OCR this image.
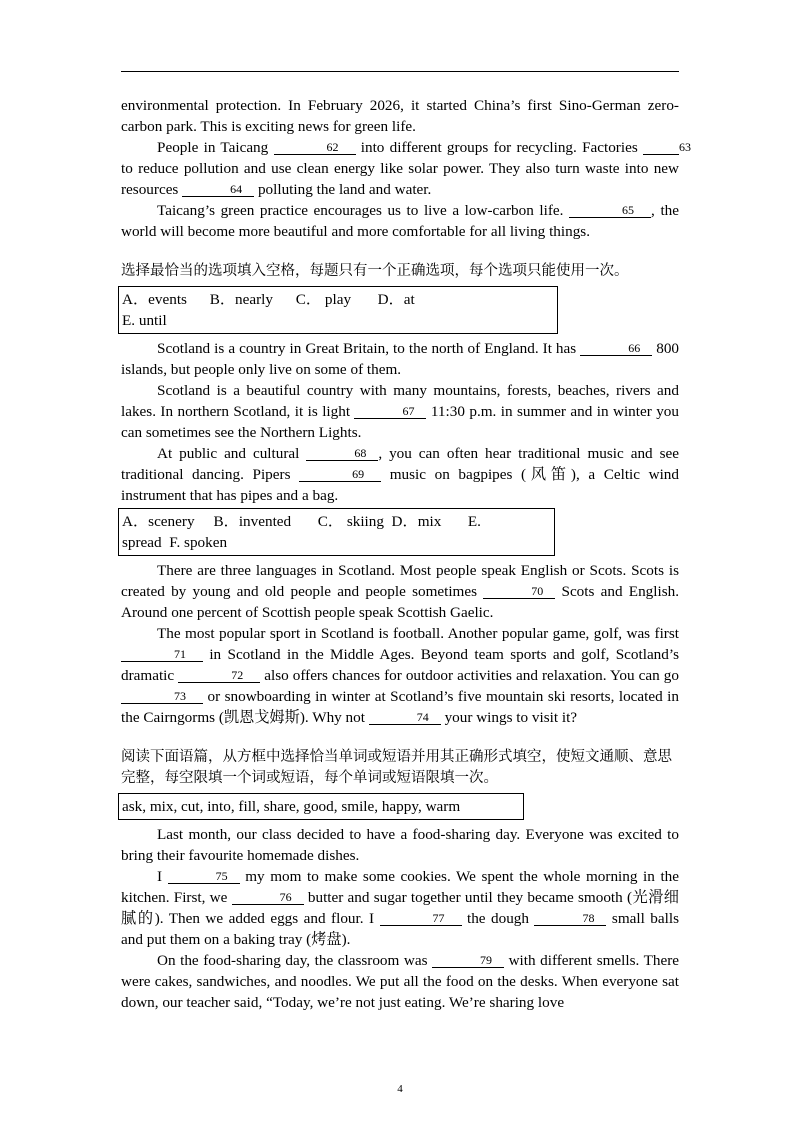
environmental protection. In February 2026, it started China’s first Sino-German zero-carbon park. This is exciting news for green life.

People in Taicang	62 into different groups for recycling. Factories	63 to reduce pollution and use clean energy like solar power. They also turn waste into new resources	64 polluting the land and water.

Taicang’s green practice encourages us to live a low-carbon life.	65 , the world will become more beautiful and more comfortable for all living things.

选择最恰当的选项填入空格，每题只有一个正确选项，每个选项只能使用一次。
A．events      B．nearly      C． play       D．at
E. until

Scotland is a country in Great Britain, to the north of England. It has	66 800 islands, but people only live on some of them.

Scotland is a beautiful country with many mountains, forests, beaches, rivers and lakes. In northern Scotland, it is light	67 11:30 p.m. in summer and in winter you can sometimes see the Northern Lights.

At public and cultural	68 , you can often hear traditional music and see traditional dancing. Pipers	69 music on bagpipes (风笛), a Celtic wind instrument that has pipes and a bag.

A．scenery     B．invented       C． skiing  D．mix       E.
spread  F. spoken

There are three languages in Scotland. Most people speak English or Scots. Scots is created by young and old people and people sometimes	70 Scots and English. Around one percent of Scottish people speak Scottish Gaelic.

The most popular sport in Scotland is football. Another popular game, golf, was first 71 in Scotland in the Middle Ages. Beyond team sports and golf, Scotland’s dramatic	72 also offers chances for outdoor activities and relaxation. You can go 73 or snowboarding in winter at Scotland’s five mountain ski resorts, located in the Cairngorms (凯恩戈姆斯). Why not	74 your wings to visit it?

阅读下面语篇，从方框中选择恰当单词或短语并用其正确形式填空，使短文通顺、意思完整，每空限填一个词或短语，每个单词或短语限填一次。
ask, mix, cut, into, fill, share, good, smile, happy, warm

Last month, our class decided to have a food-sharing day. Everyone was excited to bring their favourite homemade dishes.

I	75 my mom to make some cookies. We spent the whole morning in the kitchen. First, we	76 butter and sugar together until they became smooth (光滑细腻的). Then we added eggs and flour. I	77 the dough	78 small balls and put them on a baking tray (烤盘).

On the food-sharing day, the classroom was	79 with different smells. There were cakes, sandwiches, and noodles. We put all the food on the desks. When everyone sat down, our teacher said, “Today, we’re not just eating. We’re sharing love

4
